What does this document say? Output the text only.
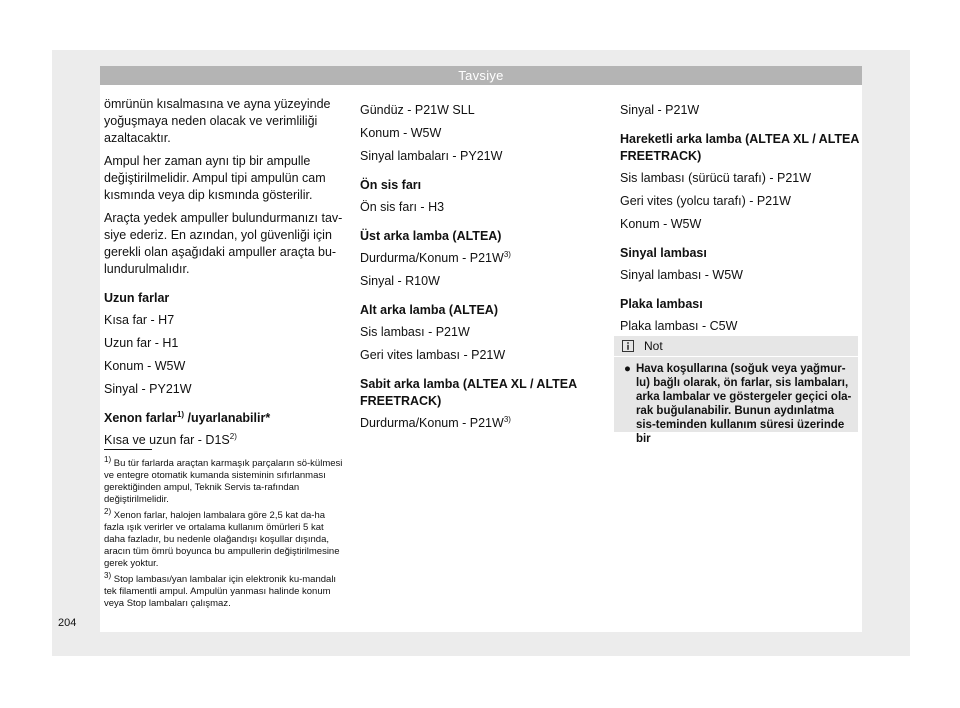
Tavsiye

ömrünün kısalmasına ve ayna yüzeyinde yoğuşmaya neden olacak ve verimliliği azaltacaktır.

Ampul her zaman aynı tip bir ampulle değiştirilmelidir. Ampul tipi ampulün cam kısmında veya dip kısmında gösterilir.

Araçta yedek ampuller bulundurmanızı tav-siye ederiz. En azından, yol güvenliği için gerekli olan aşağıdaki ampuller araçta bu-lundurulmalıdır.

Uzun farlar

Kısa far - H7

Uzun far - H1

Konum - W5W

Sinyal - PY21W

Xenon farlar$^{1)}$ /uyarlanabilir*

Kısa ve uzun far - $D1S^{2)}$

Gündüz - P21W SLL

Konum - W5W

Sinyal lambaları - PY21W

Ön sis farı

Ön sis farı - H3

Üst arka lamba (ALTEA)

Durdurma/Konum - $P21W^{3)}$

Sinyal - R10W

Alt arka lamba (ALTEA)

Sis lambası - P21W

Geri vites lambası - P21W

Sabit arka lamba (ALTEA XL / ALTEA FREETRACK)

Durdurma/Konum - $P21W^{3)}$

Sinyal - P21W

Hareketli arka lamba (ALTEA XL / ALTEA FREETRACK)

Sis lambası (sürücü tarafı) - P21W

Geri vites (yolcu tarafı) - P21W

Konum - W5W

Sinyal lambası

Sinyal lambası - W5W

Plaka lambası

Plaka lambası - C5W

Not
● Hava koşullarına (soğuk veya yağmur-lu) bağlı olarak, ön farlar, sis lambaları, arka lambalar ve göstergeler geçici ola-rak buğulanabilir. Bunun aydınlatma sis-teminden kullanım süresi üzerinde bir

$^{1)}$ Bu tür farlarda araçtan karmaşık parçaların sö-külmesi ve entegre otomatik kumanda sisteminin sıfırlanması gerektiğinden ampul, Teknik Servis ta-rafından değiştirilmelidir.

$^{2)}$ Xenon farlar, halojen lambalara göre 2,5 kat da-ha fazla ışık verirler ve ortalama kullanım ömürleri 5 kat daha fazladır, bu nedenle olağandışı koşullar dışında, aracın tüm ömrü boyunca bu ampullerin değiştirilmesine gerek yoktur.

$^{3)}$ Stop lambası/yan lambalar için elektronik ku-mandalı tek filamentli ampul. Ampulün yanması halinde konum veya Stop lambaları çalışmaz.

204
